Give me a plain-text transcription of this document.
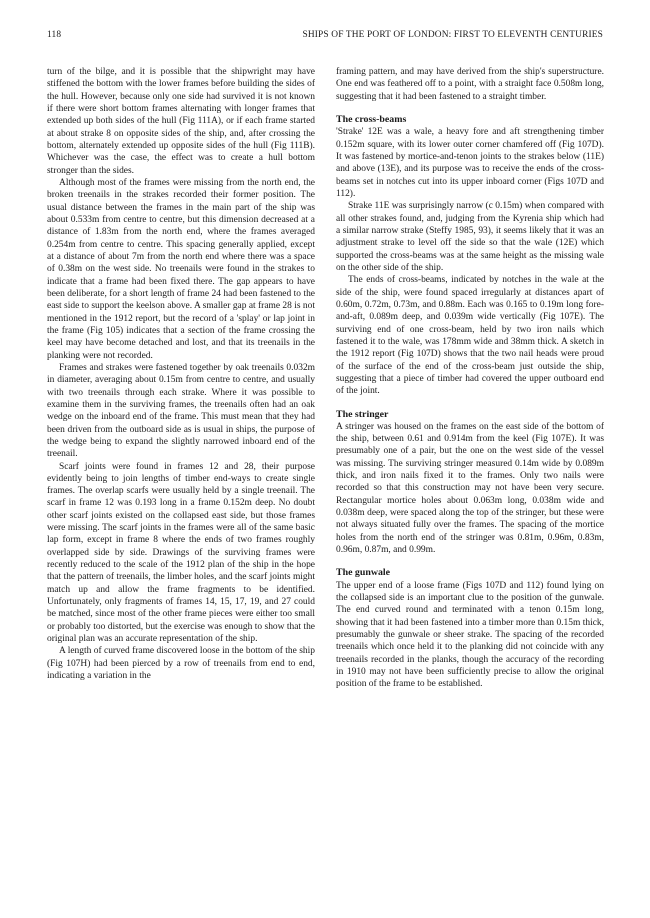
118	SHIPS OF THE PORT OF LONDON: FIRST TO ELEVENTH CENTURIES

turn of the bilge, and it is possible that the shipwright may have stiffened the bottom with the lower frames before building the sides of the hull. However, because only one side had survived it is not known if there were short bottom frames alternating with longer frames that extended up both sides of the hull (Fig 111A), or if each frame started at about strake 8 on opposite sides of the ship, and, after crossing the bottom, alternately extended up opposite sides of the hull (Fig 111B). Whichever was the case, the effect was to create a hull bottom stronger than the sides.

Although most of the frames were missing from the north end, the broken treenails in the strakes recorded their former position. The usual distance between the frames in the main part of the ship was about 0.533m from centre to centre, but this dimension decreased at a distance of 1.83m from the north end, where the frames averaged 0.254m from centre to centre. This spacing generally applied, except at a distance of about 7m from the north end where there was a space of 0.38m on the west side. No treenails were found in the strakes to indicate that a frame had been fixed there. The gap appears to have been deliberate, for a short length of frame 24 had been fastened to the east side to support the keelson above. A smaller gap at frame 28 is not mentioned in the 1912 report, but the record of a 'splay' or lap joint in the frame (Fig 105) indicates that a section of the frame crossing the keel may have become detached and lost, and that its treenails in the planking were not recorded.

Frames and strakes were fastened together by oak treenails 0.032m in diameter, averaging about 0.15m from centre to centre, and usually with two treenails through each strake. Where it was possible to examine them in the surviving frames, the treenails often had an oak wedge on the inboard end of the frame. This must mean that they had been driven from the outboard side as is usual in ships, the purpose of the wedge being to expand the slightly narrowed inboard end of the treenail.

Scarf joints were found in frames 12 and 28, their purpose evidently being to join lengths of timber end-ways to create single frames. The overlap scarfs were usually held by a single treenail. The scarf in frame 12 was 0.193 long in a frame 0.152m deep. No doubt other scarf joints existed on the collapsed east side, but those frames were missing. The scarf joints in the frames were all of the same basic lap form, except in frame 8 where the ends of two frames roughly overlapped side by side. Drawings of the surviving frames were recently reduced to the scale of the 1912 plan of the ship in the hope that the pattern of treenails, the limber holes, and the scarf joints might match up and allow the frame fragments to be identified. Unfortunately, only fragments of frames 14, 15, 17, 19, and 27 could be matched, since most of the other frame pieces were either too small or probably too distorted, but the exercise was enough to show that the original plan was an accurate representation of the ship.

A length of curved frame discovered loose in the bottom of the ship (Fig 107H) had been pierced by a row of treenails from end to end, indicating a variation in the

framing pattern, and may have derived from the ship's superstructure. One end was feathered off to a point, with a straight face 0.508m long, suggesting that it had been fastened to a straight timber.

The cross-beams

'Strake' 12E was a wale, a heavy fore and aft strengthening timber 0.152m square, with its lower outer corner chamfered off (Fig 107D). It was fastened by mortice-and-tenon joints to the strakes below (11E) and above (13E), and its purpose was to receive the ends of the cross-beams set in notches cut into its upper inboard corner (Figs 107D and 112).

Strake 11E was surprisingly narrow (c 0.15m) when compared with all other strakes found, and, judging from the Kyrenia ship which had a similar narrow strake (Steffy 1985, 93), it seems likely that it was an adjustment strake to level off the side so that the wale (12E) which supported the cross-beams was at the same height as the missing wale on the other side of the ship.

The ends of cross-beams, indicated by notches in the wale at the side of the ship, were found spaced irregularly at distances apart of 0.60m, 0.72m, 0.73m, and 0.88m. Each was 0.165 to 0.19m long fore-and-aft, 0.089m deep, and 0.039m wide vertically (Fig 107E). The surviving end of one cross-beam, held by two iron nails which fastened it to the wale, was 178mm wide and 38mm thick. A sketch in the 1912 report (Fig 107D) shows that the two nail heads were proud of the surface of the end of the cross-beam just outside the ship, suggesting that a piece of timber had covered the upper outboard end of the joint.

The stringer

A stringer was housed on the frames on the east side of the bottom of the ship, between 0.61 and 0.914m from the keel (Fig 107E). It was presumably one of a pair, but the one on the west side of the vessel was missing. The surviving stringer measured 0.14m wide by 0.089m thick, and iron nails fixed it to the frames. Only two nails were recorded so that this construction may not have been very secure. Rectangular mortice holes about 0.063m long, 0.038m wide and 0.038m deep, were spaced along the top of the stringer, but these were not always situated fully over the frames. The spacing of the mortice holes from the north end of the stringer was 0.81m, 0.96m, 0.83m, 0.96m, 0.87m, and 0.99m.

The gunwale

The upper end of a loose frame (Figs 107D and 112) found lying on the collapsed side is an important clue to the position of the gunwale. The end curved round and terminated with a tenon 0.15m long, showing that it had been fastened into a timber more than 0.15m thick, presumably the gunwale or sheer strake. The spacing of the recorded treenails which once held it to the planking did not coincide with any treenails recorded in the planks, though the accuracy of the recording in 1910 may not have been sufficiently precise to allow the original position of the frame to be established.
